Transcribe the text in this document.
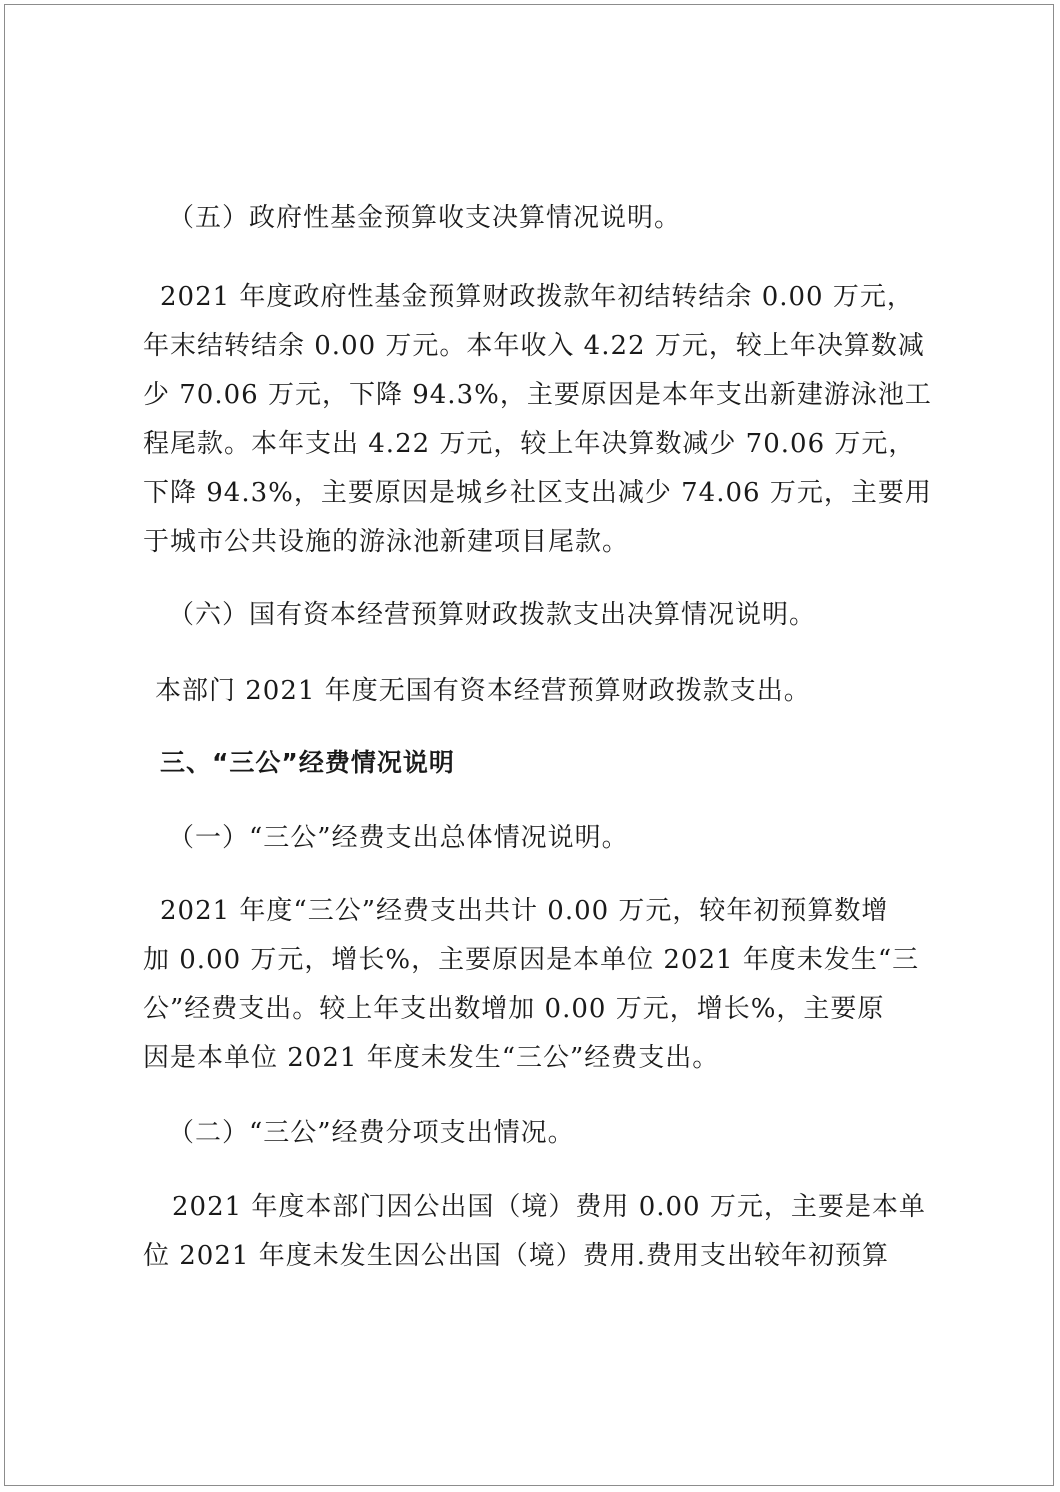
（五）政府性基金预算收支决算情况说明。

2021 年度政府性基金预算财政拨款年初结转结余 0.00 万元，

年末结转结余 0.00 万元。本年收入 4.22 万元，较上年决算数减

少 70.06 万元，下降 94.3%，主要原因是本年支出新建游泳池工

程尾款。本年支出 4.22 万元，较上年决算数减少 70.06 万元，

下降 94.3%，主要原因是城乡社区支出减少 74.06 万元，主要用

于城市公共设施的游泳池新建项目尾款。

（六）国有资本经营预算财政拨款支出决算情况说明。

本部门 2021 年度无国有资本经营预算财政拨款支出。

三、“三公”经费情况说明

（一）“三公”经费支出总体情况说明。

2021 年度“三公”经费支出共计 0.00 万元，较年初预算数增

加 0.00 万元，增长%，主要原因是本单位 2021 年度未发生“三

公”经费支出。较上年支出数增加 0.00 万元，增长%，主要原

因是本单位 2021 年度未发生“三公”经费支出。

（二）“三公”经费分项支出情况。

2021 年度本部门因公出国（境）费用 0.00 万元，主要是本单

位 2021 年度未发生因公出国（境）费用.费用支出较年初预算
